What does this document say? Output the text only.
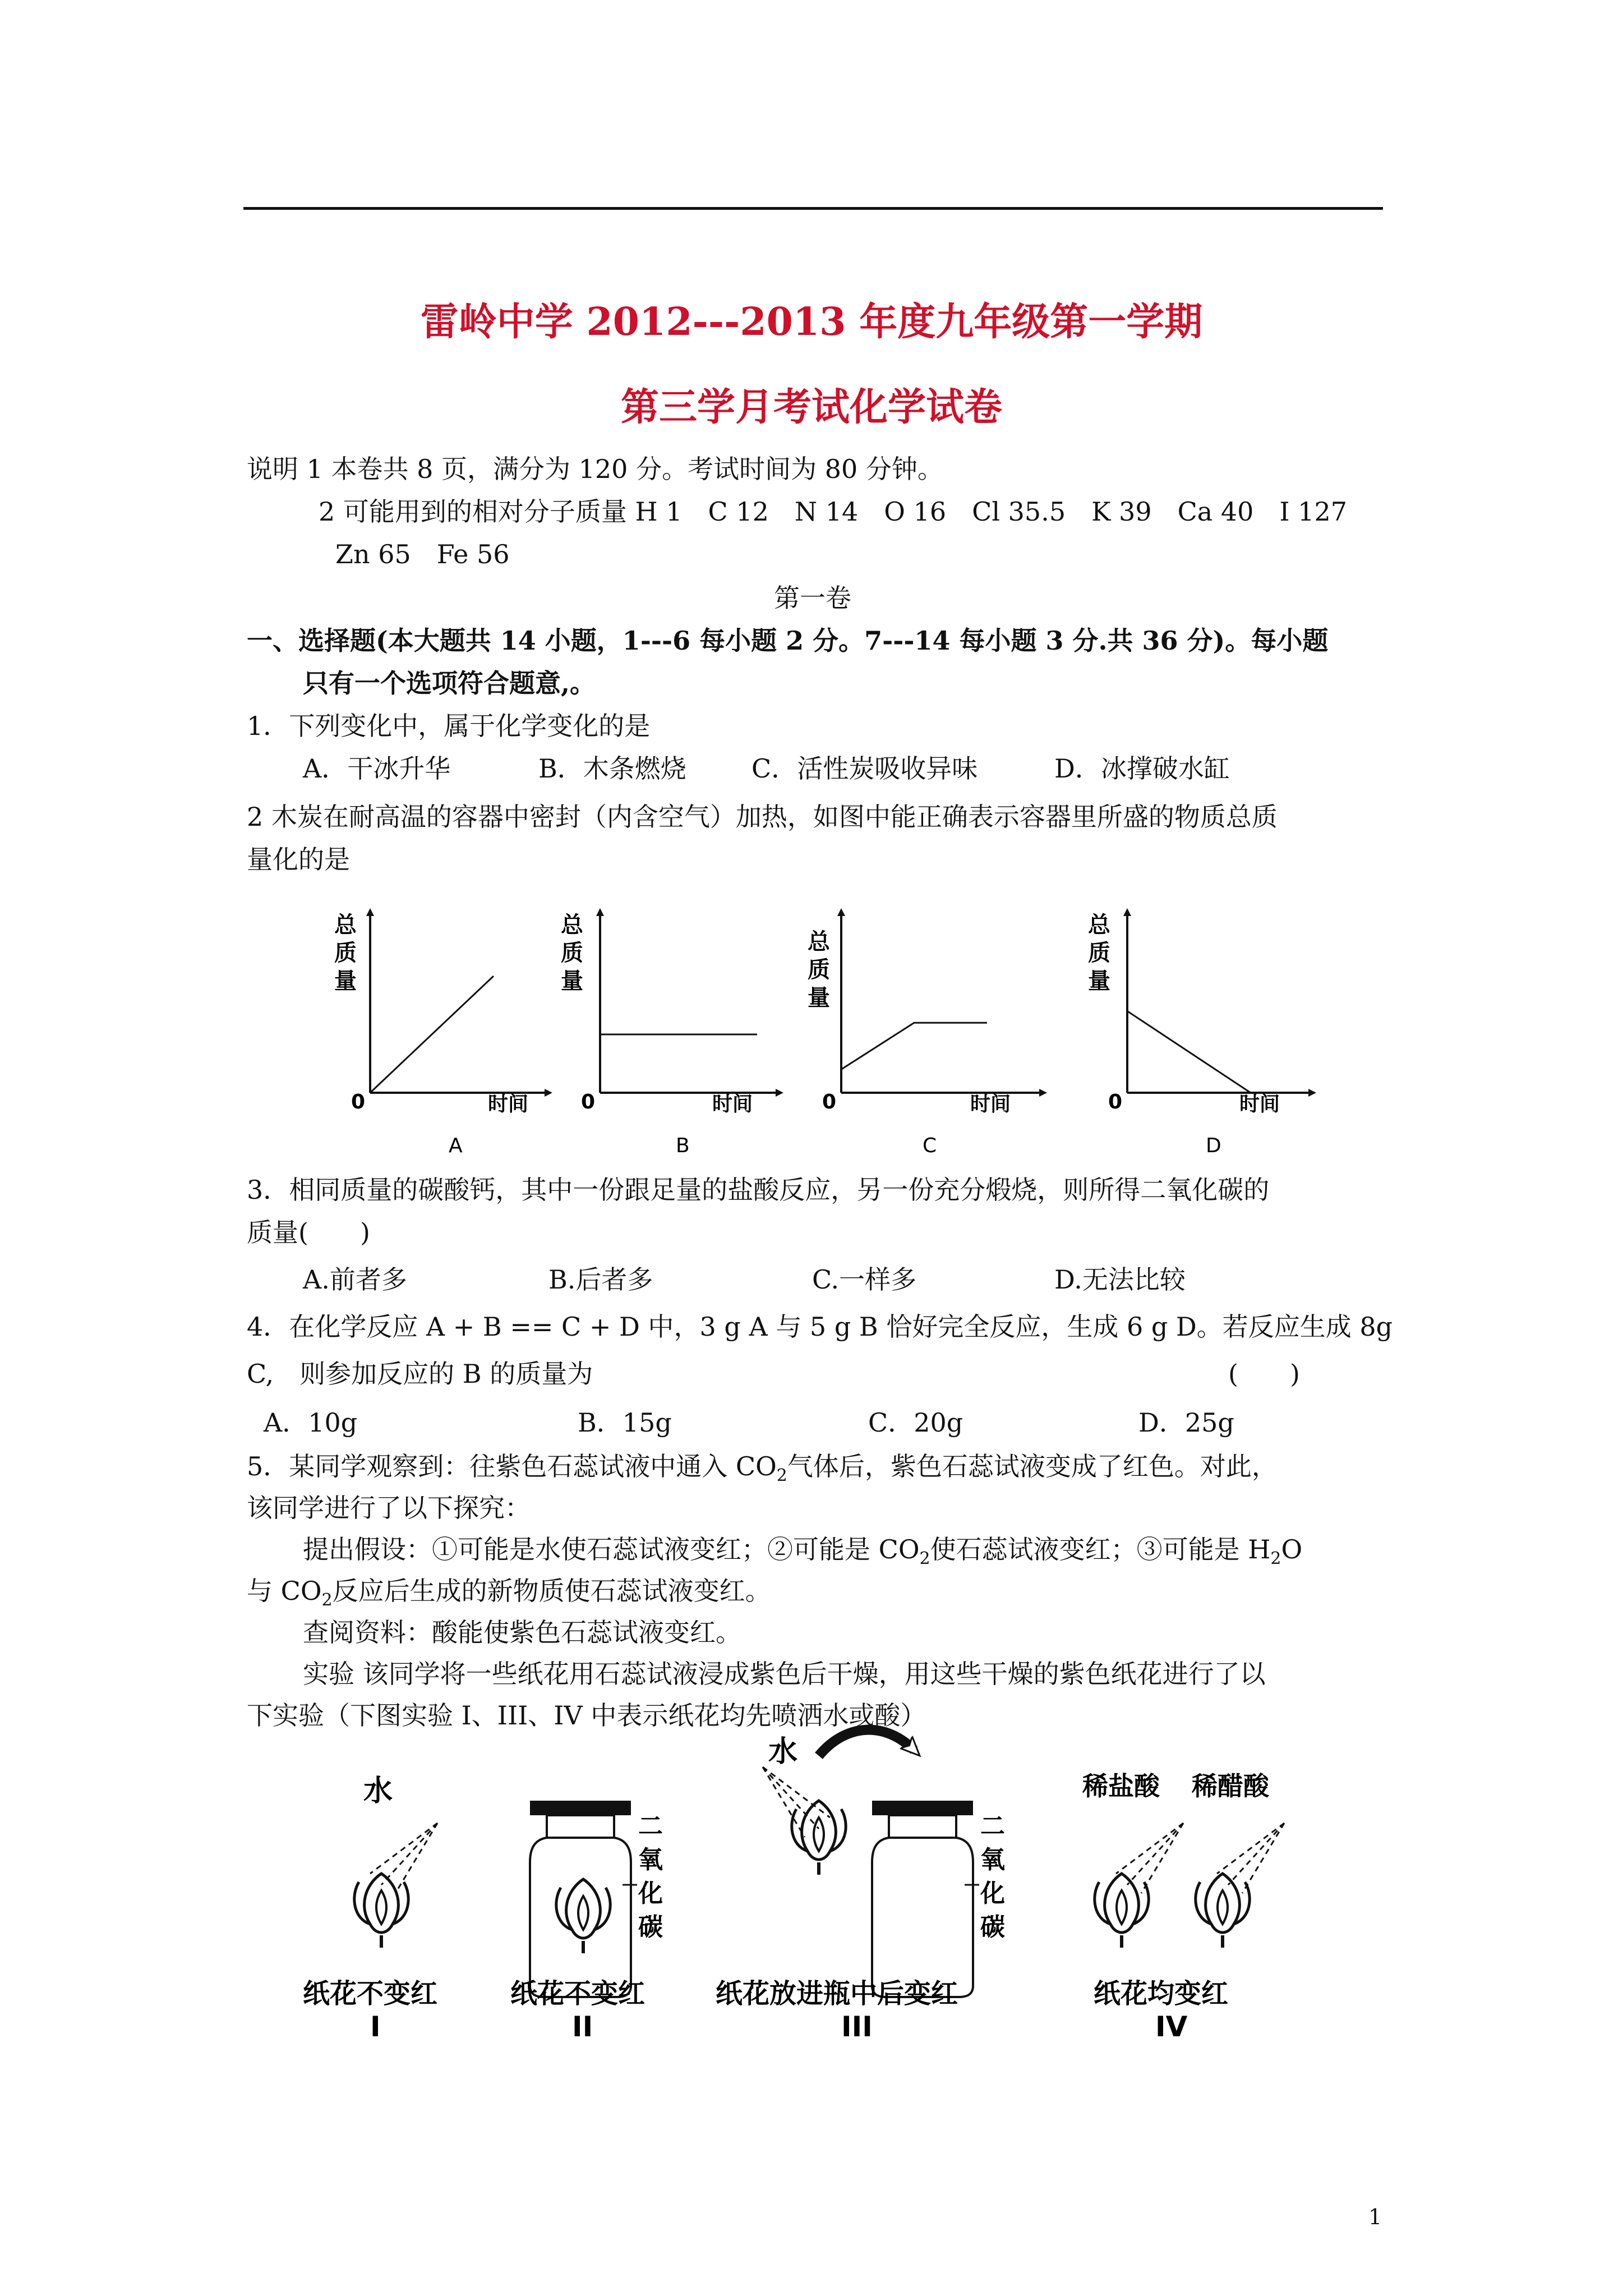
雷岭中学 2012---2013 年度九年级第一学期
第三学月考试化学试卷
说明 1 本卷共 8 页，满分为 120 分。考试时间为 80 分钟。
2 可能用到的相对分子质量 H 1　C 12　N 14　O 16　Cl 35.5　K 39　Ca 40　I 127
Zn 65　Fe 56
第一卷
一、选择题(本大题共 14 小题，1---6 每小题 2 分。7---14 每小题 3 分.共 36 分)。每小题
只有一个选项符合题意,。
1．下列变化中，属于化学变化的是
A．干冰升华	B．木条燃烧	C．活性炭吸收异味	D．冰撑破水缸
2 木炭在耐高温的容器中密封（内含空气）加热，如图中能正确表示容器里所盛的物质总质
量化的是
总
质
量
0	时间
A
总
质
量
0	时间
B
总
质
量
0	时间
C
总
质
量
0	时间
D
3．相同质量的碳酸钙，其中一份跟足量的盐酸反应，另一份充分煅烧，则所得二氧化碳的
质量(　　)
A.前者多	B.后者多	C.一样多	D.无法比较
4．在化学反应 A + B == C + D 中，3 g A 与 5 g B 恰好完全反应，生成 6 g D。若反应生成 8g
C,　则参加反应的 B 的质量为	(　　)
A．10g	B．15g	C．20g	D．25g
5．某同学观察到：往紫色石蕊试液中通入 $CO_2$气体后，紫色石蕊试液变成了红色。对此，
该同学进行了以下探究：
提出假设：①可能是水使石蕊试液变红；②可能是 $CO_2$使石蕊试液变红；③可能是 $H_2O$
与 $CO_2$反应后生成的新物质使石蕊试液变红。
查阅资料：酸能使紫色石蕊试液变红。
实验 该同学将一些纸花用石蕊试液浸成紫色后干燥，用这些干燥的紫色纸花进行了以
下实验（下图实验 I、III、IV 中表示纸花均先喷洒水或酸）
水
纸花不变红
I
二
氧
化
碳
纸花不变红
II
水
二
氧
化
碳
纸花放进瓶中后变红
III
稀盐酸 稀醋酸
纸花均变红
IV
1
